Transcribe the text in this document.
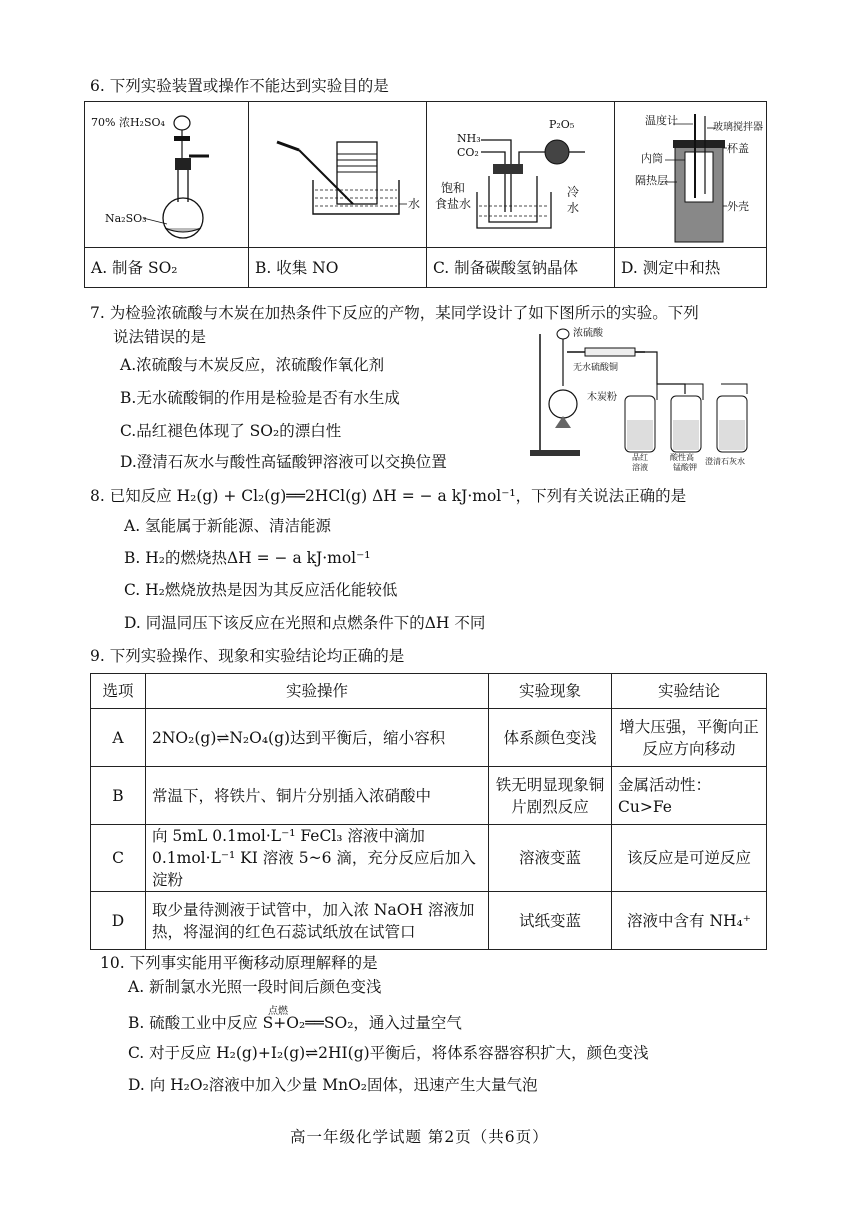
6. 下列实验装置或操作不能达到实验目的是
70% 浓H₂SO₄
Na₂SO₃
水
NH₃
CO₂
P₂O₅
饱和
食盐水
冷
水
温度计
玻璃搅拌器
杯盖
内筒
隔热层
外壳
A. 制备 SO₂	B. 收集 NO	C. 制备碳酸氢钠晶体	D. 测定中和热
7. 为检验浓硫酸与木炭在加热条件下反应的产物，某同学设计了如下图所示的实验。下列
说法错误的是
A.浓硫酸与木炭反应，浓硫酸作氧化剂
B.无水硫酸铜的作用是检验是否有水生成
C.品红褪色体现了 SO₂的漂白性
D.澄清石灰水与酸性高锰酸钾溶液可以交换位置
浓硫酸
无水硫酸铜
木炭粉
品红
溶液
酸性高
锰酸钾
澄清石灰水
8. 已知反应 H₂(g) + Cl₂(g)══2HCl(g) ΔH = − a kJ·mol⁻¹，下列有关说法正确的是
A. 氢能属于新能源、清洁能源
B. H₂的燃烧热ΔH = − a kJ·mol⁻¹
C. H₂燃烧放热是因为其反应活化能较低
D. 同温同压下该反应在光照和点燃条件下的ΔH 不同
9. 下列实验操作、现象和实验结论均正确的是
选项	实验操作	实验现象	实验结论
A	2NO₂(g)⇌N₂O₄(g)达到平衡后，缩小容积	体系颜色变浅	增大压强，平衡向正反应方向移动
B	常温下，将铁片、铜片分别插入浓硝酸中	铁无明显现象铜片剧烈反应	金属活动性：Cu>Fe
C	向 5mL 0.1mol·L⁻¹ FeCl₃ 溶液中滴加 0.1mol·L⁻¹ KI 溶液 5~6 滴，充分反应后加入淀粉	溶液变蓝	该反应是可逆反应
D	取少量待测液于试管中，加入浓 NaOH 溶液加热，将湿润的红色石蕊试纸放在试管口	试纸变蓝	溶液中含有 NH₄⁺
10. 下列事实能用平衡移动原理解释的是
A. 新制氯水光照一段时间后颜色变浅
点燃
B. 硫酸工业中反应 S+O₂══SO₂，通入过量空气
C. 对于反应 H₂(g)+I₂(g)⇌2HI(g)平衡后，将体系容器容积扩大，颜色变浅
D. 向 H₂O₂溶液中加入少量 MnO₂固体，迅速产生大量气泡
高一年级化学试题 第2页（共6页）
